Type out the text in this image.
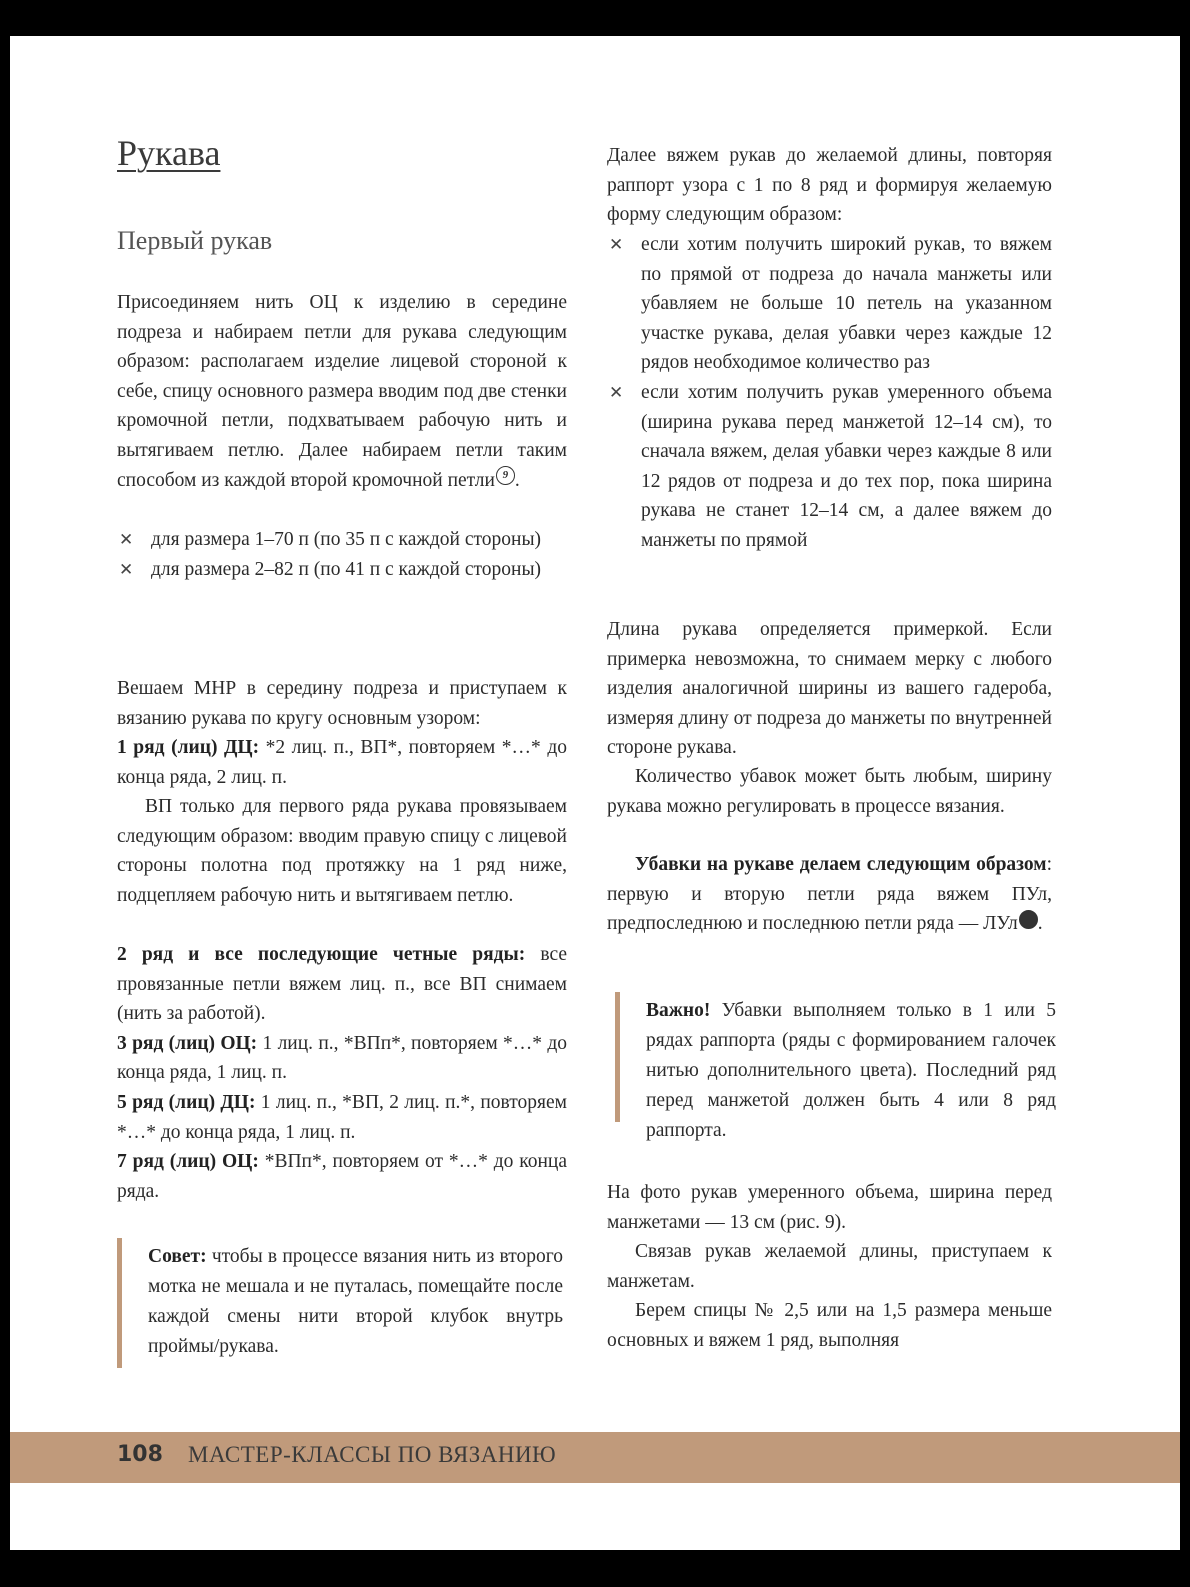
Рукава
Первый рукав

Присоединяем нить ОЦ к изделию в середине подреза и набираем петли для рукава следующим образом: располагаем изделие лицевой стороной к себе, спицу основного размера вводим под две стенки кромочной петли, подхватываем рабочую нить и вытягиваем петлю. Далее набираем петли таким способом из каждой второй кромочной петли 9 .

✕ для размера 1–70 п (по 35 п с каждой стороны)
✕ для размера 2–82 п (по 41 п с каждой стороны)

Вешаем МНР в середину подреза и приступаем к вязанию рукава по кругу основным узором:
1 ряд (лиц) ДЦ: *2 лиц. п., ВП*, повторяем *…* до конца ряда, 2 лиц. п.

ВП только для первого ряда рукава провязываем следующим образом: вводим правую спицу с лицевой стороны полотна под протяжку на 1 ряд ниже, подцепляем рабочую нить и вытягиваем петлю.

2 ряд и все последующие четные ряды: все провязанные петли вяжем лиц. п., все ВП снимаем (нить за работой).
3 ряд (лиц) ОЦ: 1 лиц. п., *ВПп*, повторяем *…* до конца ряда, 1 лиц. п.
5 ряд (лиц) ДЦ: 1 лиц. п., *ВП, 2 лиц. п.*, повторяем *…* до конца ряда, 1 лиц. п.
7 ряд (лиц) ОЦ: *ВПп*, повторяем от *…* до конца ряда.

Совет: чтобы в процессе вязания нить из второго мотка не мешала и не путалась, помещайте после каждой смены нити второй клубок внутрь проймы/рукава.

Далее вяжем рукав до желаемой длины, повторяя раппорт узора с 1 по 8 ряд и формируя желаемую форму следующим образом:

✕ если хотим получить широкий рукав, то вяжем по прямой от подреза до начала манжеты или убавляем не больше 10 петель на указанном участке рукава, делая убавки через каждые 12 рядов необходимое количество раз
✕ если хотим получить рукав умеренного объема (ширина рукава перед манжетой 12–14 см), то сначала вяжем, делая убавки через каждые 8 или 12 рядов от подреза и до тех пор, пока ширина рукава не станет 12–14 см, а далее вяжем до манжеты по прямой

Длина рукава определяется примеркой. Если примерка невозможна, то снимаем мерку с любого изделия аналогичной ширины из вашего гадероба, измеряя длину от подреза до манжеты по внутренней стороне рукава.

Количество убавок может быть любым, ширину рукава можно регулировать в процессе вязания.

Убавки на рукаве делаем следующим образом: первую и вторую петли ряда вяжем ПУл, предпоследнюю и последнюю петли ряда — ЛУл	D.

Важно! Убавки выполняем только в 1 или 5 рядах раппорта (ряды с формированием галочек нитью дополнительного цвета). Последний ряд перед манжетой должен быть 4 или 8 ряд раппорта.

На фото рукав умеренного объема, ширина перед манжетами — 13 см (рис. 9).

Связав рукав желаемой длины, приступаем к манжетам.

Берем спицы № 2,5 или на 1,5 размера меньше основных и вяжем 1 ряд, выполняя

108 МАСТЕР-КЛАССЫ ПО ВЯЗАНИЮ
